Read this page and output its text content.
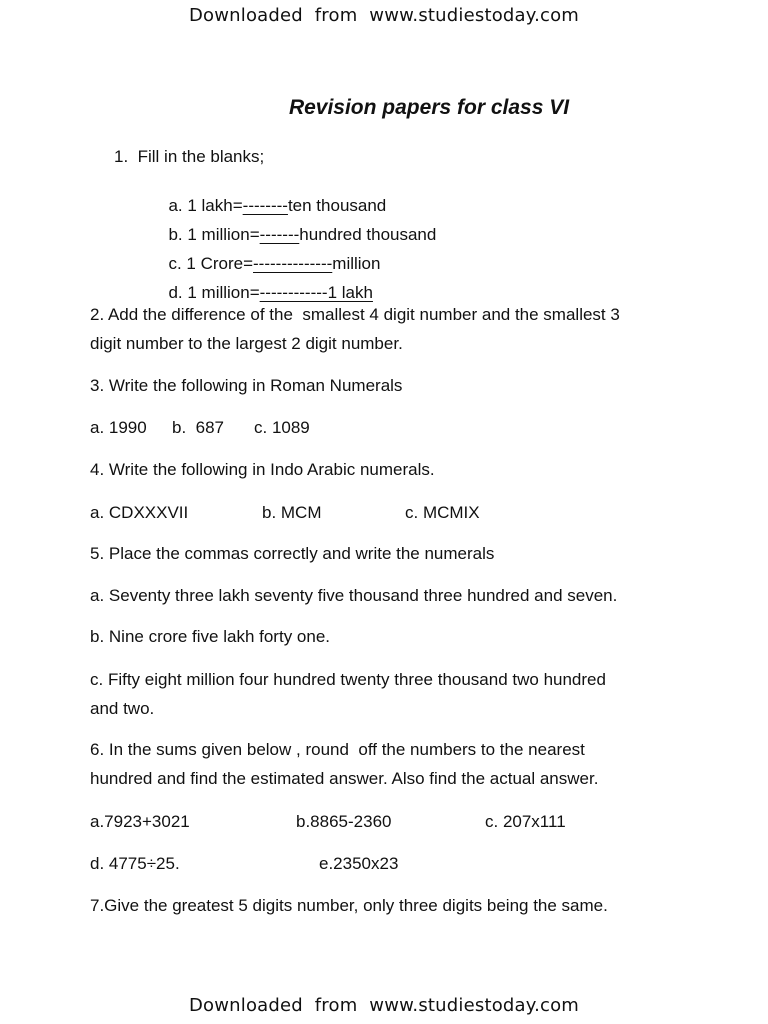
Downloaded  from  www.studiestoday.com
Revision papers for class VI
1.  Fill in the blanks;

a. 1 lakh=--------ten thousand

b. 1 million=-------hundred thousand

c. 1 Crore=--------------million

d. 1 million=------------1 lakh

2. Add the difference of the  smallest 4 digit number and the smallest 3
digit number to the largest 2 digit number.
3. Write the following in Roman Numerals
a. 1990 b.  687 c. 1089
4. Write the following in Indo Arabic numerals.
a. CDXXXVII	b. MCM	c. MCMIX
5. Place the commas correctly and write the numerals
a. Seventy three lakh seventy five thousand three hundred and seven.
b. Nine crore five lakh forty one.
c. Fifty eight million four hundred twenty three thousand two hundred
and two.
6. In the sums given below , round  off the numbers to the nearest
hundred and find the estimated answer. Also find the actual answer.
a.7923+3021	b.8865-2360	c. 207x111
d. 4775÷25.	e.2350x23
7.Give the greatest 5 digits number, only three digits being the same.
Downloaded  from  www.studiestoday.com
